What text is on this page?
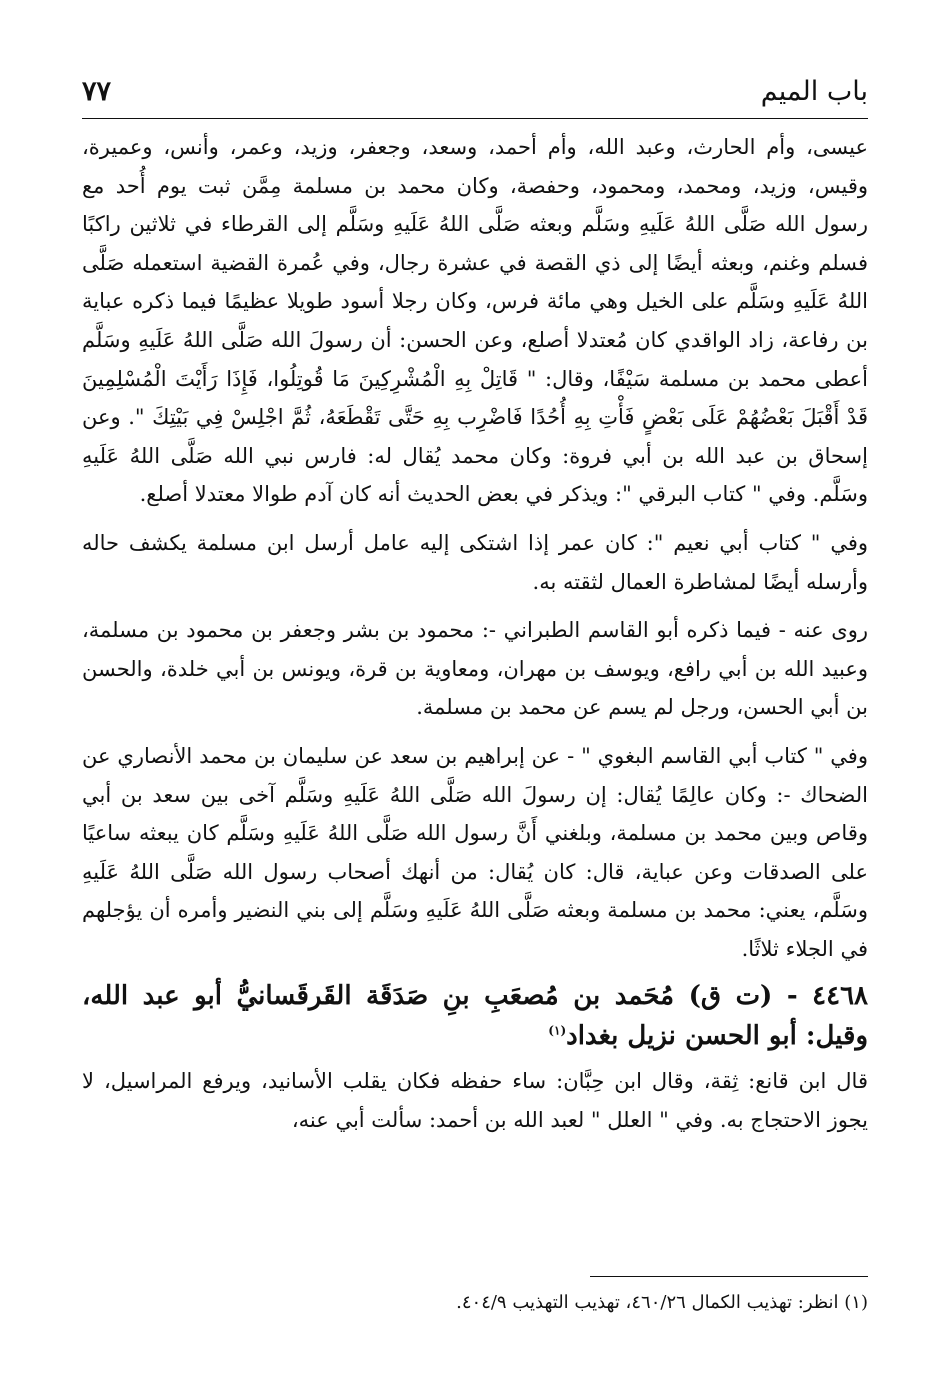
باب الميم
٧٧

عيسى، وأم الحارث، وعبد الله، وأم أحمد، وسعد، وجعفر، وزيد، وعمر، وأنس، وعميرة، وقيس، وزيد، ومحمد، ومحمود، وحفصة، وكان محمد بن مسلمة مِمَّن ثبت يوم أُحد مع رسول الله صَلَّى اللهُ عَلَيهِ وسَلَّم وبعثه صَلَّى اللهُ عَلَيهِ وسَلَّم إلى القرطاء في ثلاثين راكبًا فسلم وغنم، وبعثه أيضًا إلى ذي القصة في عشرة رجال، وفي عُمرة القضية استعمله صَلَّى اللهُ عَلَيهِ وسَلَّم على الخيل وهي مائة فرس، وكان رجلا أسود طويلا عظيمًا فيما ذكره عباية بن رفاعة، زاد الواقدي كان مُعتدلا أصلع، وعن الحسن: أن رسولَ الله صَلَّى اللهُ عَلَيهِ وسَلَّم أعطى محمد بن مسلمة سَيْفًا، وقال: " قَاتِلْ بِهِ الْمُشْرِكِينَ مَا قُوتِلُوا، فَإِذَا رَأَيْتَ الْمُسْلِمِينَ قَدْ أَقْبَلَ بَعْضُهُمْ عَلَى بَعْضٍ فَأْتِ بِهِ أُحُدًا فَاضْرِب بِهِ حَتَّى تَقْطَعَهُ، ثُمَّ اجْلِسْ فِي بَيْتِكَ ". وعن إسحاق بن عبد الله بن أبي فروة: وكان محمد يُقال له: فارس نبي الله صَلَّى اللهُ عَلَيهِ وسَلَّم. وفي " كتاب البرقي ": ويذكر في بعض الحديث أنه كان آدم طوالا معتدلا أصلع.

وفي " كتاب أبي نعيم ": كان عمر إذا اشتكى إليه عامل أرسل ابن مسلمة يكشف حاله وأرسله أيضًا لمشاطرة العمال لثقته به.

روى عنه - فيما ذكره أبو القاسم الطبراني -: محمود بن بشر وجعفر بن محمود بن مسلمة، وعبيد الله بن أبي رافع، ويوسف بن مهران، ومعاوية بن قرة، ويونس بن أبي خلدة، والحسن بن أبي الحسن، ورجل لم يسم عن محمد بن مسلمة.

وفي " كتاب أبي القاسم البغوي " - عن إبراهيم بن سعد عن سليمان بن محمد الأنصاري عن الضحاك -: وكان عالِمًا يُقال: إن رسولَ الله صَلَّى اللهُ عَلَيهِ وسَلَّم آخى بين سعد بن أبي وقاص وبين محمد بن مسلمة، وبلغني أَنَّ رسول الله صَلَّى اللهُ عَلَيهِ وسَلَّم كان يبعثه ساعيًا على الصدقات وعن عباية، قال: كان يُقال: من أنهك أصحاب رسول الله صَلَّى اللهُ عَلَيهِ وسَلَّم، يعني: محمد بن مسلمة وبعثه صَلَّى اللهُ عَلَيهِ وسَلَّم إلى بني النضير وأمره أن يؤجلهم في الجلاء ثلاثًا.

٤٤٦٨ - (ت ق) مُحَمد بن مُصعَبِ بنِ صَدَقَة القَرقَسانيُّ أبو عبد الله، وقيل: أبو الحسن نزيل بغداد$^{(١)}$

قال ابن قانع: ثِقة، وقال ابن حِبَّان: ساء حفظه فكان يقلب الأسانيد، ويرفع المراسيل، لا يجوز الاحتجاج به. وفي " العلل " لعبد الله بن أحمد: سألت أبي عنه،

(١) انظر: تهذيب الكمال ٤٦٠/٢٦، تهذيب التهذيب ٤٠٤/٩.
